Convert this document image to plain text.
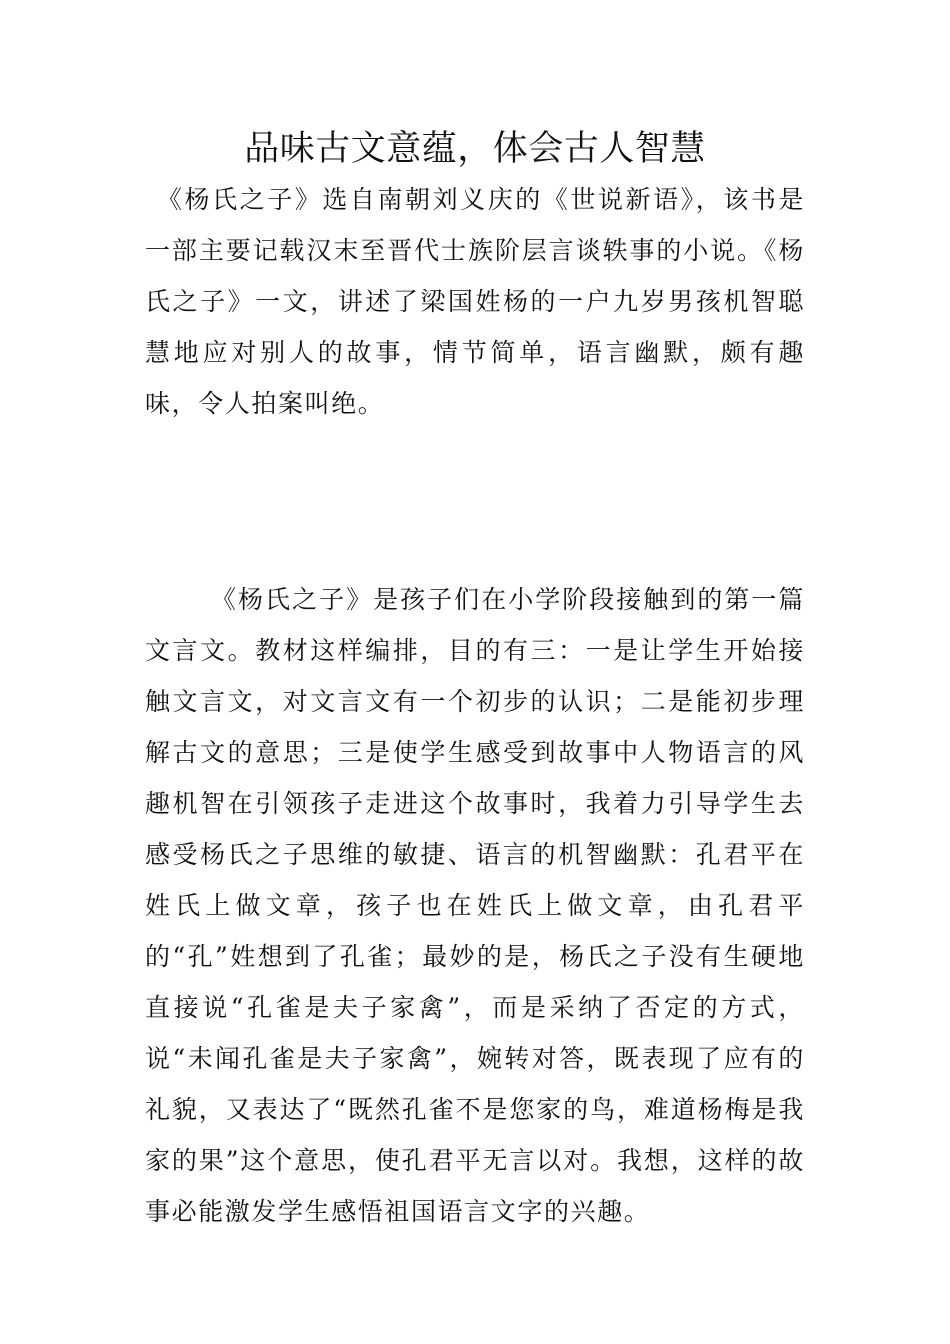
品味古文意蕴，体会古人智慧

《杨氏之子》选自南朝刘义庆的《世说新语》，该书是一部主要记载汉末至晋代士族阶层言谈轶事的小说。《杨氏之子》一文，讲述了梁国姓杨的一户九岁男孩机智聪慧地应对别人的故事，情节简单，语言幽默，颇有趣味，令人拍案叫绝。

《杨氏之子》是孩子们在小学阶段接触到的第一篇文言文。教材这样编排，目的有三：一是让学生开始接触文言文，对文言文有一个初步的认识；二是能初步理解古文的意思；三是使学生感受到故事中人物语言的风趣机智在引领孩子走进这个故事时，我着力引导学生去感受杨氏之子思维的敏捷、语言的机智幽默：孔君平在姓氏上做文章，孩子也在姓氏上做文章，由孔君平的“孔”姓想到了孔雀；最妙的是，杨氏之子没有生硬地直接说“孔雀是夫子家禽”，而是采纳了否定的方式，说“未闻孔雀是夫子家禽”，婉转对答，既表现了应有的礼貌，又表达了“既然孔雀不是您家的鸟，难道杨梅是我家的果”这个意思，使孔君平无言以对。我想，这样的故事必能激发学生感悟祖国语言文字的兴趣。
